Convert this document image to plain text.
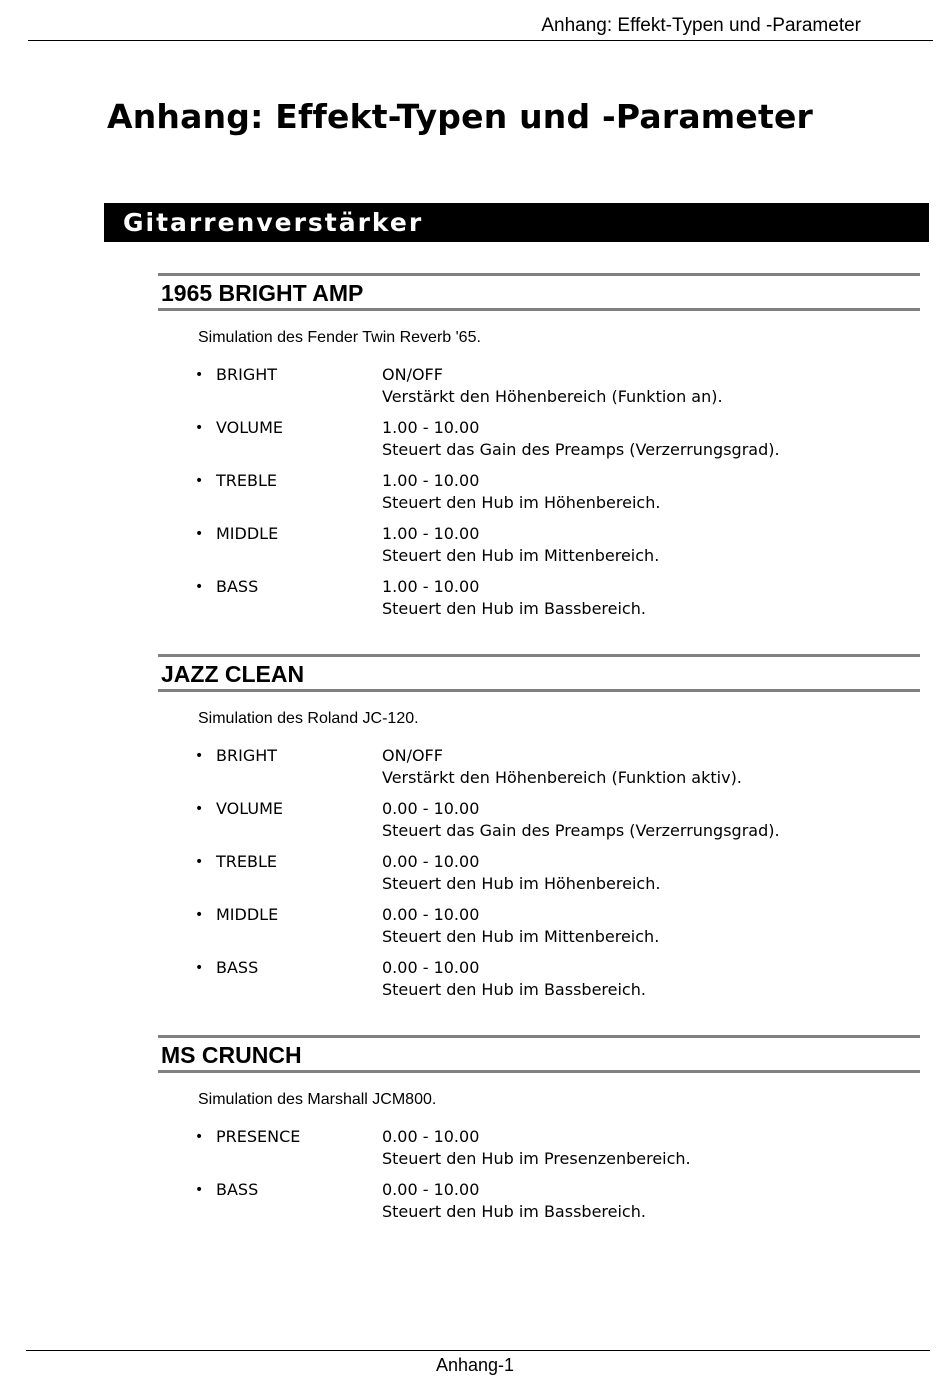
Anhang: Effekt-Typen und -Parameter
Anhang: Effekt-Typen und -Parameter
Gitarrenverstärker
1965 BRIGHT AMP
Simulation des Fender Twin Reverb '65.
• BRIGHT	ON/OFF
Verstärkt den Höhenbereich (Funktion an).
• VOLUME	1.00 - 10.00
Steuert das Gain des Preamps (Verzerrungsgrad).
• TREBLE	1.00 - 10.00
Steuert den Hub im Höhenbereich.
• MIDDLE	1.00 - 10.00
Steuert den Hub im Mittenbereich.
• BASS	1.00 - 10.00
Steuert den Hub im Bassbereich.
JAZZ CLEAN
Simulation des Roland JC-120.
• BRIGHT	ON/OFF
Verstärkt den Höhenbereich (Funktion aktiv).
• VOLUME	0.00 - 10.00
Steuert das Gain des Preamps (Verzerrungsgrad).
• TREBLE	0.00 - 10.00
Steuert den Hub im Höhenbereich.
• MIDDLE	0.00 - 10.00
Steuert den Hub im Mittenbereich.
• BASS	0.00 - 10.00
Steuert den Hub im Bassbereich.
MS CRUNCH
Simulation des Marshall JCM800.
• PRESENCE	0.00 - 10.00
Steuert den Hub im Presenzenbereich.
• BASS	0.00 - 10.00
Steuert den Hub im Bassbereich.
Anhang-1
